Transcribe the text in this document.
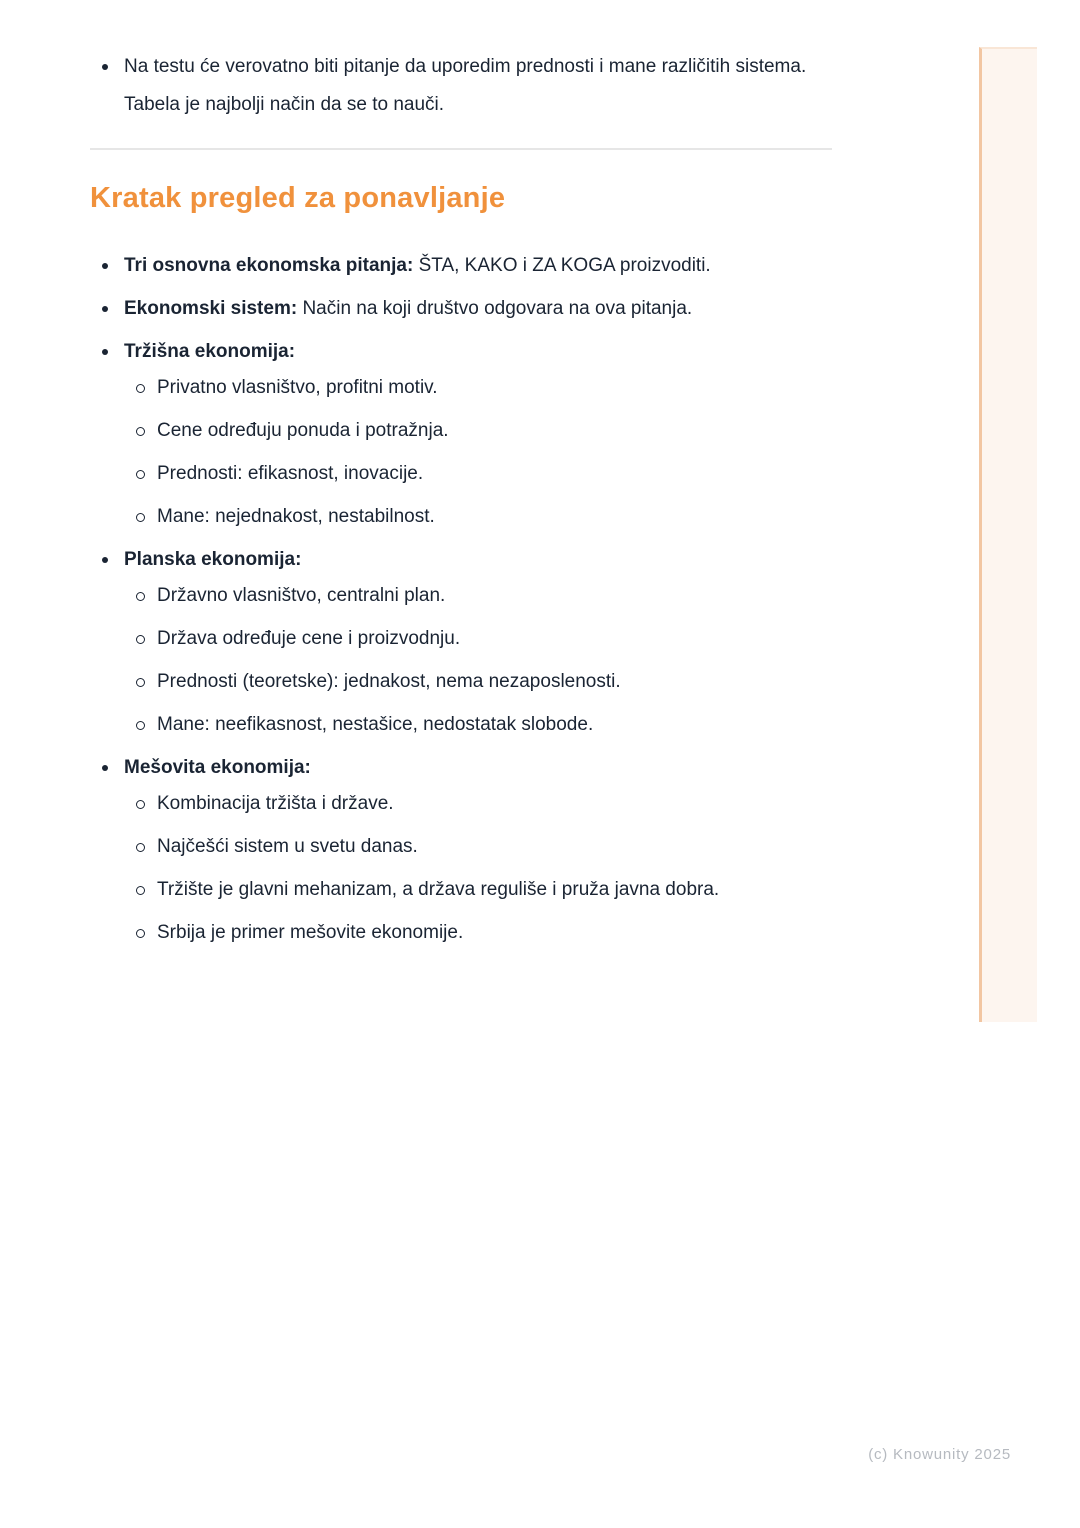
Na testu će verovatno biti pitanje da uporedim prednosti i mane različitih sistema. Tabela je najbolji način da se to nauči.
Kratak pregled za ponavljanje
Tri osnovna ekonomska pitanja: ŠTA, KAKO i ZA KOGA proizvoditi.
Ekonomski sistem: Način na koji društvo odgovara na ova pitanja.
Tržišna ekonomija:
Privatno vlasništvo, profitni motiv.
Cene određuju ponuda i potražnja.
Prednosti: efikasnost, inovacije.
Mane: nejednakost, nestabilnost.
Planska ekonomija:
Državno vlasništvo, centralni plan.
Država određuje cene i proizvodnju.
Prednosti (teoretske): jednakost, nema nezaposlenosti.
Mane: neefikasnost, nestašice, nedostatak slobode.
Mešovita ekonomija:
Kombinacija tržišta i države.
Najčešći sistem u svetu danas.
Tržište je glavni mehanizam, a država reguliše i pruža javna dobra.
Srbija je primer mešovite ekonomije.
(c) Knowunity 2025
